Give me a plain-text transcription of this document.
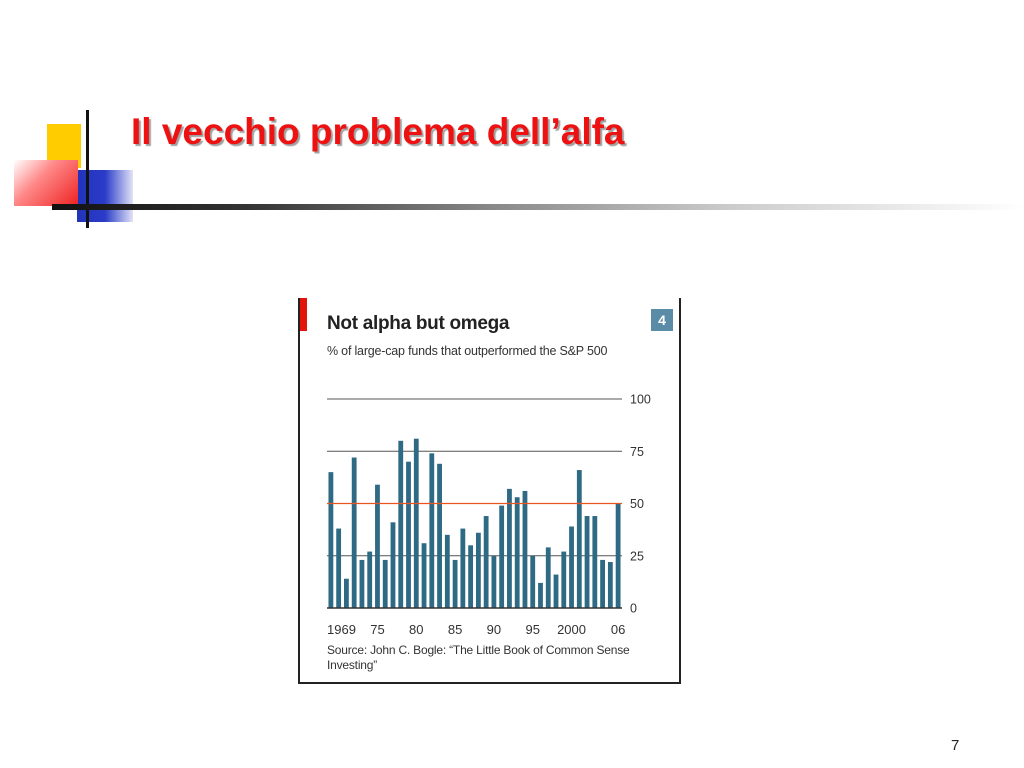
Il vecchio problema dell’alfa
Not alpha but omega
% of large-cap funds that outperformed the S&P 500
4
0
25
50
75
100
1969 75 80 85 90 95 2000 06
Source: John C. Bogle: “The Little Book of Common Sense Investing”
7
